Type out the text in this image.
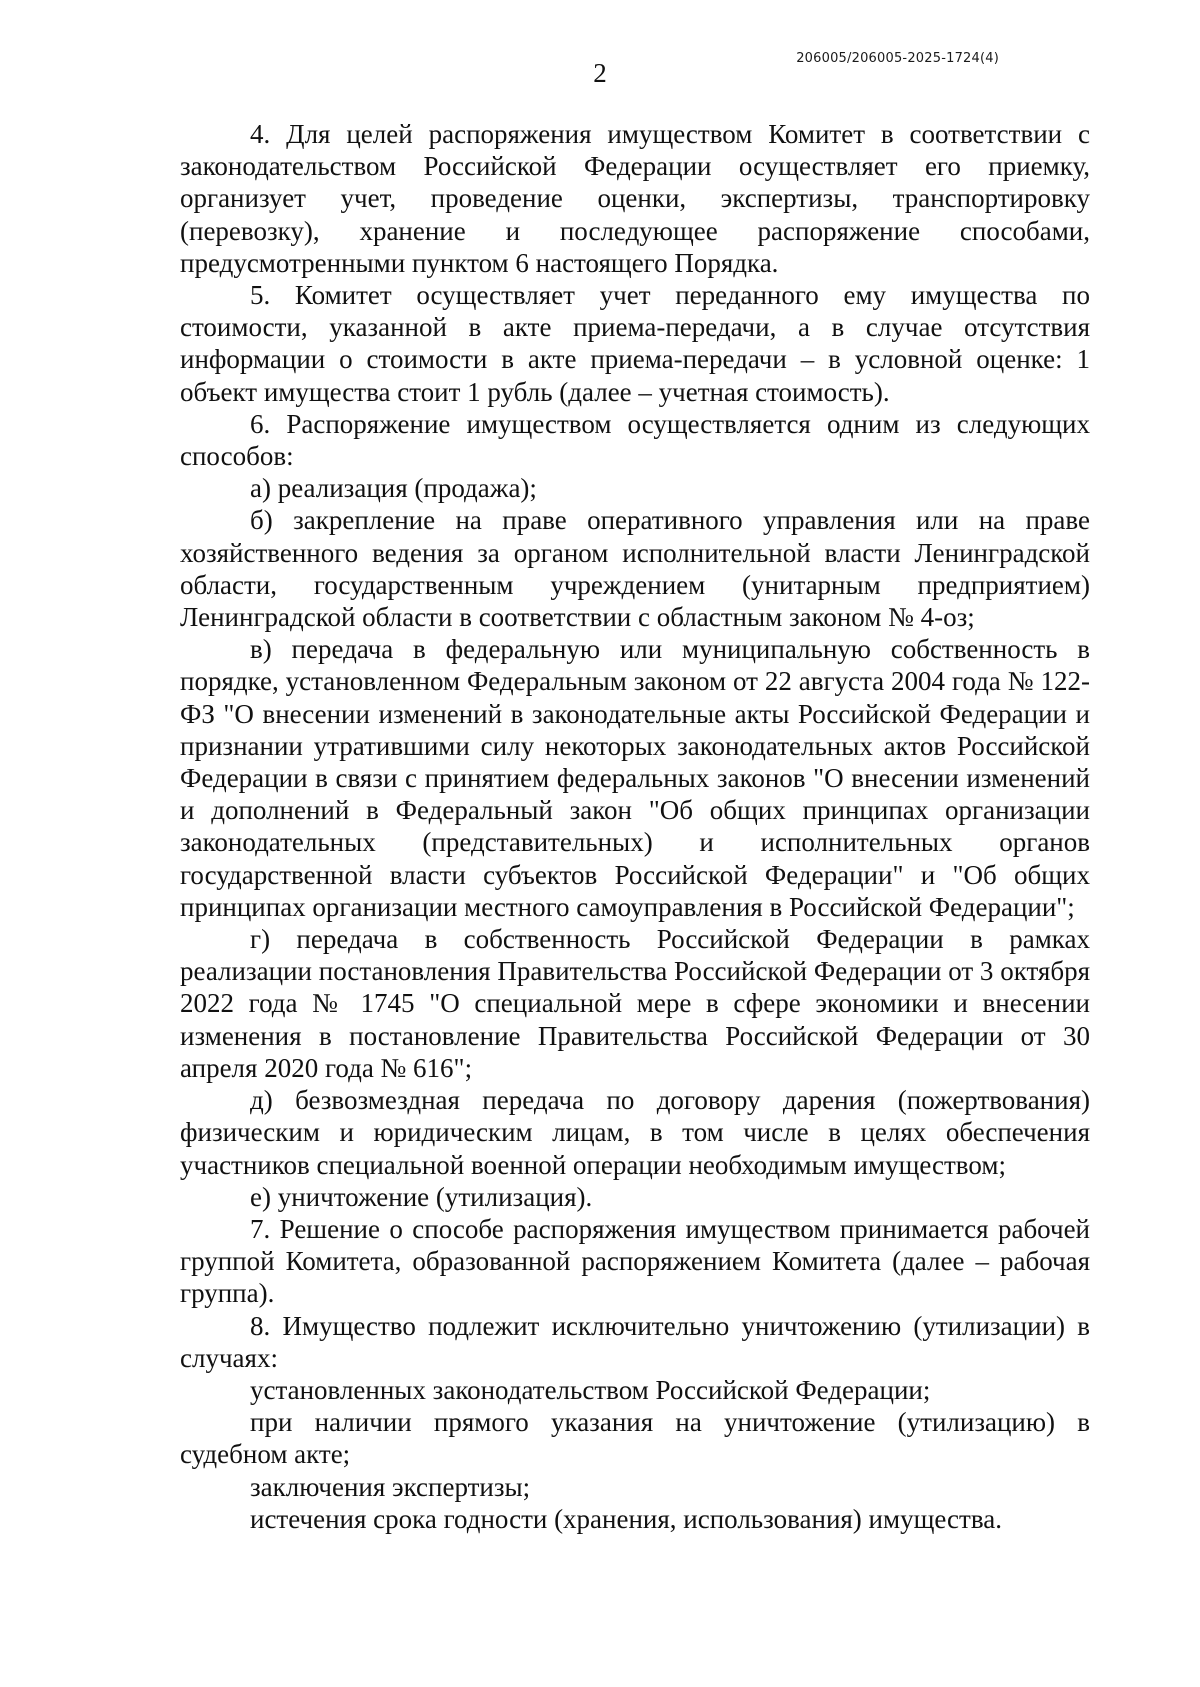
206005/206005-2025-1724(4)
2

4. Для целей распоряжения имуществом Комитет в соответствии с законодательством Российской Федерации осуществляет его приемку, организует учет, проведение оценки, экспертизы, транспортировку (перевозку), хранение и последующее распоряжение способами, предусмотренными пунктом 6 настоящего Порядка.

5. Комитет осуществляет учет переданного ему имущества по стоимости, указанной в акте приема-передачи, а в случае отсутствия информации о стоимости в акте приема-передачи – в условной оценке: 1 объект имущества стоит 1 рубль (далее – учетная стоимость).

6. Распоряжение имуществом осуществляется одним из следующих способов:

а) реализация (продажа);

б) закрепление на праве оперативного управления или на праве хозяйственного ведения за органом исполнительной власти Ленинградской области, государственным учреждением (унитарным предприятием) Ленинградской области в соответствии с областным законом № 4-оз;

в) передача в федеральную или муниципальную собственность в порядке, установленном Федеральным законом от 22 августа 2004 года № 122-ФЗ "О внесении изменений в законодательные акты Российской Федерации и признании утратившими силу некоторых законодательных актов Российской Федерации в связи с принятием федеральных законов "О внесении изменений и дополнений в Федеральный закон "Об общих принципах организации законодательных (представительных) и исполнительных органов государственной власти субъектов Российской Федерации" и "Об общих принципах организации местного самоуправления в Российской Федерации";

г) передача в собственность Российской Федерации в рамках реализации постановления Правительства Российской Федерации от 3 октября 2022 года № 1745 "О специальной мере в сфере экономики и внесении изменения в постановление Правительства Российской Федерации от 30 апреля 2020 года № 616";

д) безвозмездная передача по договору дарения (пожертвования) физическим и юридическим лицам, в том числе в целях обеспечения участников специальной военной операции необходимым имуществом;

е) уничтожение (утилизация).

7. Решение о способе распоряжения имуществом принимается рабочей группой Комитета, образованной распоряжением Комитета (далее – рабочая группа).

8. Имущество подлежит исключительно уничтожению (утилизации) в случаях:

установленных законодательством Российской Федерации;

при наличии прямого указания на уничтожение (утилизацию) в судебном акте;

заключения экспертизы;

истечения срока годности (хранения, использования) имущества.
